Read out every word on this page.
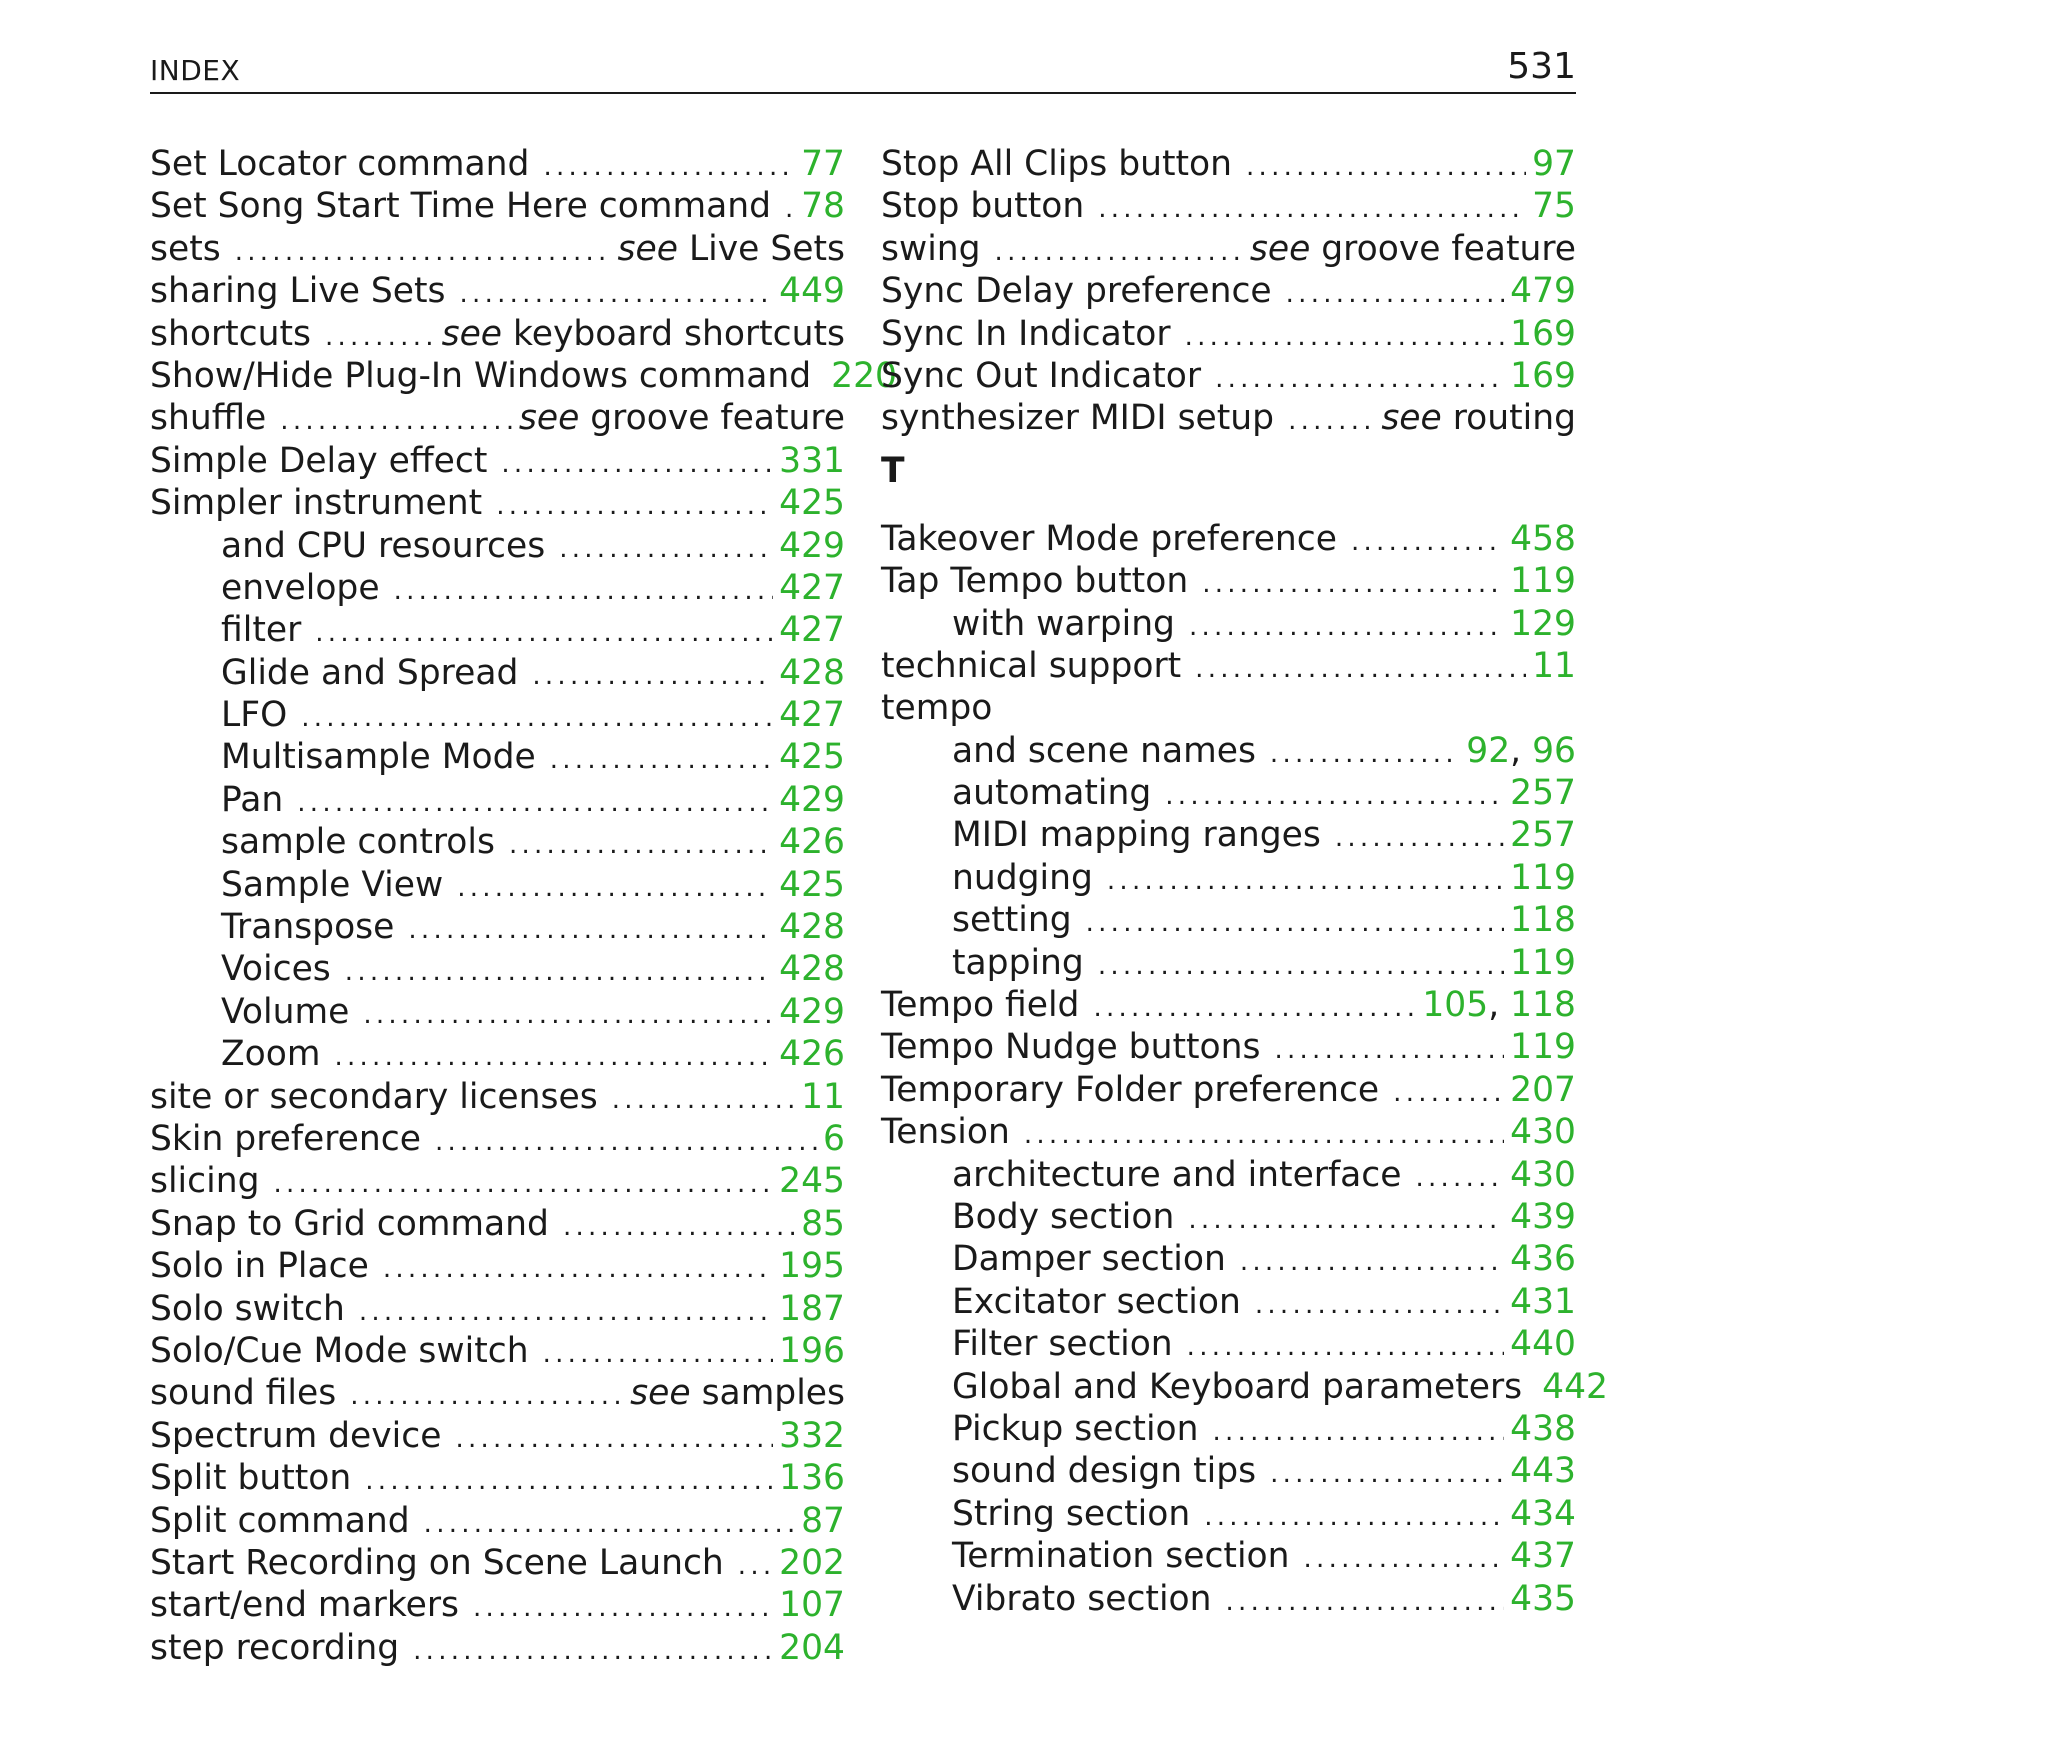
INDEX	531
Set Locator command . . .	77
Set Song Start Time Here command . . . 78
sets . . .	see Live Sets
sharing Live Sets . . .	449
shortcuts . . .	see keyboard shortcuts
Show/Hide Plug-In Windows command 220
shuffle . . .	see groove feature
Simple Delay effect . . .	331
Simpler instrument . . .	425
and CPU resources . . .	429
envelope . . .	427
filter . . .	427
Glide and Spread . . .	428
LFO . . .	427
Multisample Mode . . .	425
Pan . . .	429
sample controls . . .	426
Sample View . . .	425
Transpose . . .	428
Voices . . .	428
Volume . . .	429
Zoom . . .	426
site or secondary licenses . . .	11
Skin preference . . .	6
slicing . . .	245
Snap to Grid command . . .	85
Solo in Place . . .	195
Solo switch . . .	187
Solo/Cue Mode switch . . .	196
sound files . . .	see samples
Spectrum device . . .	332
Split button . . .	136
Split command . . .	87
Start Recording on Scene Launch . . . 202
start/end markers . . .	107
step recording . . .	204
Stop All Clips button . . .	97
Stop button . . .	75
swing . . .	see groove feature
Sync Delay preference . . .	479
Sync In Indicator . . .	169
Sync Out Indicator . . .	169
synthesizer MIDI setup . . .	see routing
T
Takeover Mode preference . . .	458
Tap Tempo button . . .	119
with warping . . .	129
technical support . . .	11
tempo
and scene names . . .	92, 96
automating . . .	257
MIDI mapping ranges . . .	257
nudging . . .	119
setting . . .	118
tapping . . .	119
Tempo field . . .	105, 118
Tempo Nudge buttons . . .	119
Temporary Folder preference . . .	207
Tension . . .	430
architecture and interface . . .	430
Body section . . .	439
Damper section . . .	436
Excitator section . . .	431
Filter section . . .	440
Global and Keyboard parameters 442
Pickup section . . .	438
sound design tips . . .	443
String section . . .	434
Termination section . . .	437
Vibrato section . . .	435
